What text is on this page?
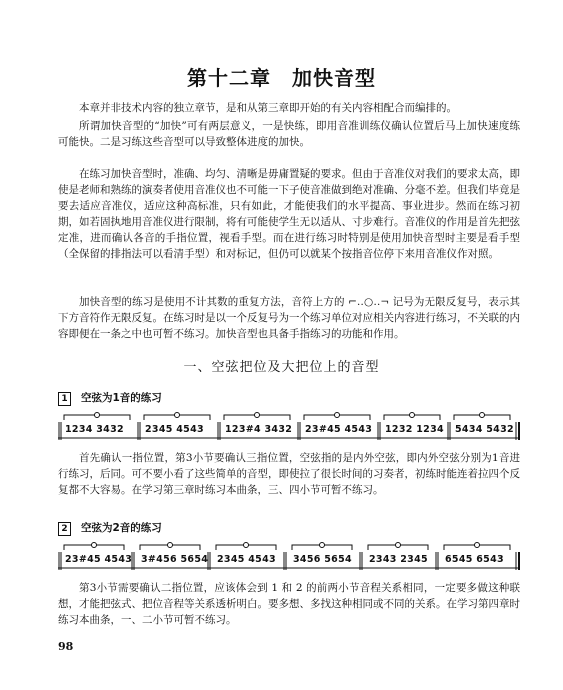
第十二章　加快音型

本章并非技术内容的独立章节，是和从第三章即开始的有关内容相配合而编排的。

所谓加快音型的“加快”可有两层意义，一是快练，即用音准训练仪确认位置后马上加快速度练可能快。二是习练这些音型可以导致整体进度的加快。

在练习加快音型时，准确、均匀、清晰是毋庸置疑的要求。但由于音准仪对我们的要求太高，即使是老师和熟练的演奏者使用音准仪也不可能一下子使音准做到绝对准确、分毫不差。但我们毕竟是要去适应音准仪，适应这种高标准，只有如此，才能使我们的水平提高、事业进步。然而在练习初期，如若固执地用音准仪进行限制，将有可能使学生无以适从、寸步难行。音准仪的作用是首先把弦定准，进而确认各音的手指位置，视看手型。而在进行练习时特别是使用加快音型时主要是看手型（全保留的排指法可以看清手型）和对标记，但仍可以就某个按指音位停下来用音准仪作对照。

加快音型的练习是使用不计其数的重复方法，音符上方的 ⌐‥○‥¬ 记号为无限反复号，表示其下方音符作无限反复。在练习时是以一个反复号为一个练习单位对应相关内容进行练习，不关联的内容即便在一条之中也可暂不练习。加快音型也具备手指练习的功能和作用。

一、空弦把位及大把位上的音型
1 空弦为1音的练习
1234 3432 2345 4543 123#4 3432 23#45 4543 1232 1234 5434 5432

首先确认一指位置，第3小节要确认三指位置，空弦指的是内外空弦，即内外空弦分别为1音进行练习，后同。可不要小看了这些简单的音型，即使拉了很长时间的习奏者，初练时能连着拉四个反复都不大容易。在学习第三章时练习本曲条，三、四小节可暂不练习。

2 空弦为2音的练习
23#45 4543 3#456 5654 2345 4543 3456 5654 2343 2345 6545 6543

第3小节需要确认二指位置，应该体会到 1 和 2 的前两小节音程关系相同，一定要多做这种联想，才能把弦式、把位音程等关系透析明白。要多想、多找这种相同或不同的关系。在学习第四章时练习本曲条，一、二小节可暂不练习。

98
